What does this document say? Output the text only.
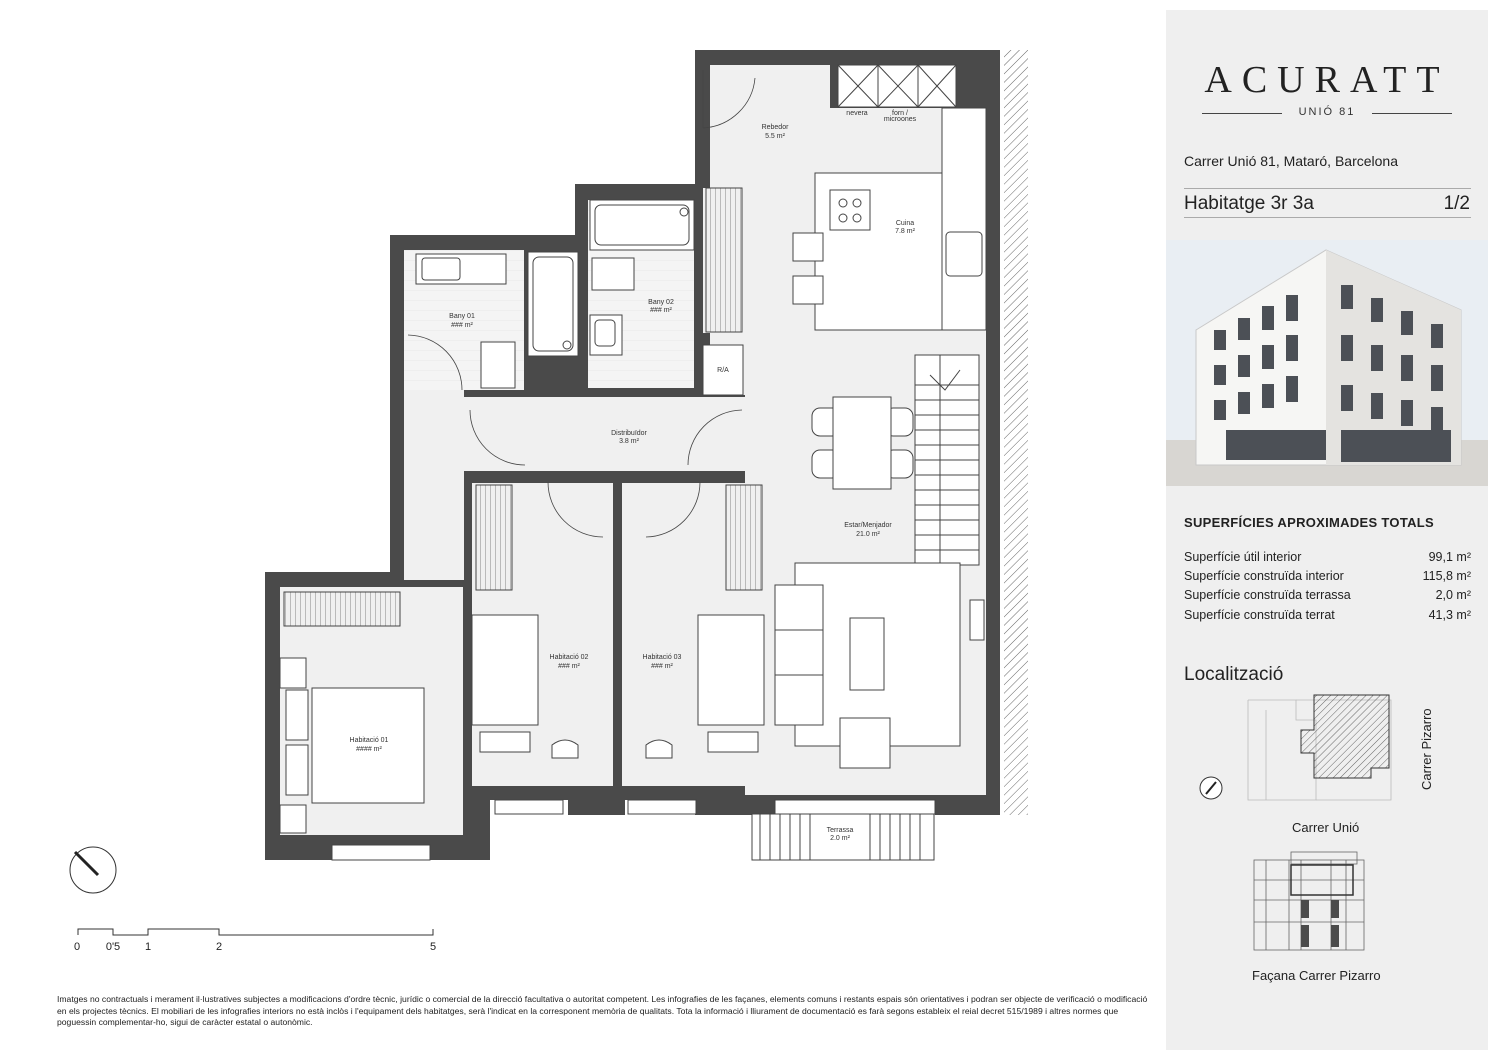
Rebedor
5.5 m²
nevera	forn /
microones
Cuina
7.8 m²
Bany 01
### m²
Bany 02
### m²
R/A
Distribuïdor
3.8 m²
Estar/Menjador
21.0 m²
Habitació 01
#### m²
Habitació 02
### m²
Habitació 03
### m²
Terrassa
2.0 m²
0 0'5 1	2	5
Imatges no contractuals i merament il·lustratives subjectes a modificacions d'ordre tècnic, jurídic o comercial de la direcció facultativa o autoritat competent. Les infografies de les façanes, elements comuns i restants espais són orientatives i podran ser objecte de verificació o modificació en els projectes tècnics. El mobiliari de les infografies interiors no està inclòs i l'equipament dels habitatges, serà l'indicat en la corresponent memòria de qualitats. Tota la informació i lliurament de documentació es farà segons estableix el reial decret 515/1989 i altres normes que poguessin complementar-ho, sigui de caràcter estatal o autonòmic.
ACURATT
UNIÓ 81
Carrer Unió 81, Mataró, Barcelona
Habitatge 3r 3a	1/2
SUPERFÍCIES APROXIMADES TOTALS
Superfície útil interior	99,1 m²
Superfície construïda interior	115,8 m²
Superfície construïda terrassa	2,0 m²
Superfície construïda terrat	41,3 m²
Localització
Carrer Unió
Carrer Pizarro
Façana Carrer Pizarro
